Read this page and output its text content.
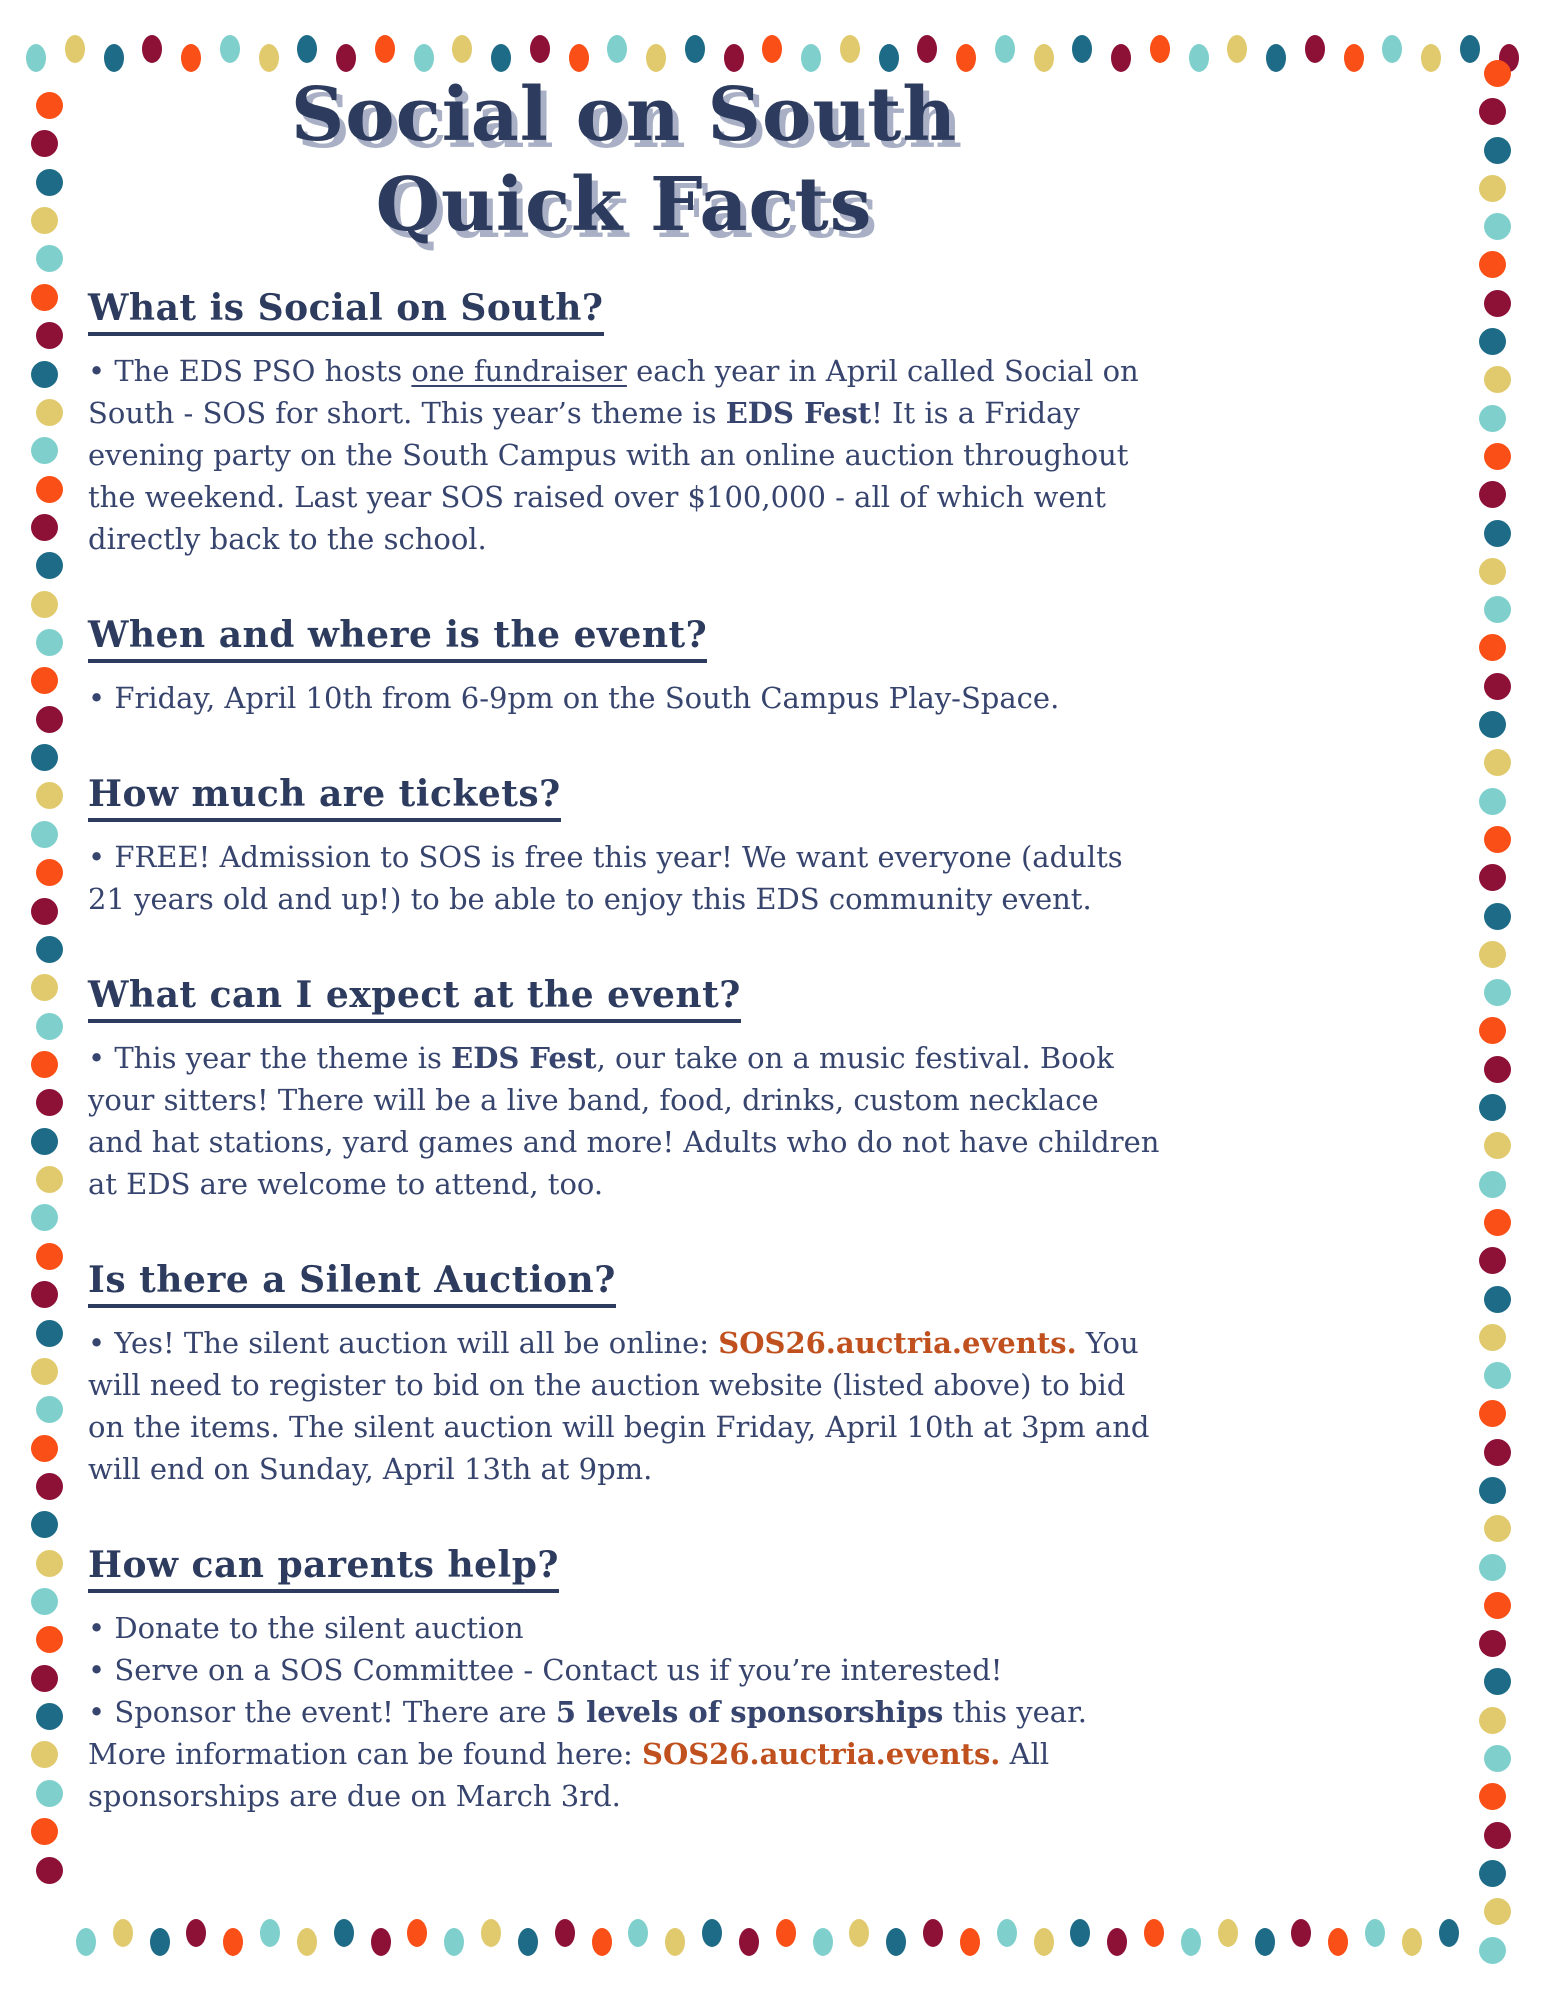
Social on South
Quick Facts
What is Social on South?

• The EDS PSO hosts one fundraiser each year in April called Social on South - SOS for short. This year’s theme is EDS Fest! It is a Friday evening party on the South Campus with an online auction throughout the weekend. Last year SOS raised over $100,000 - all of which went directly back to the school.

When and where is the event?

• Friday, April 10th from 6-9pm on the South Campus Play-Space.

How much are tickets?

• FREE! Admission to SOS is free this year! We want everyone (adults 21 years old and up!) to be able to enjoy this EDS community event.

What can I expect at the event?

• This year the theme is EDS Fest, our take on a music festival. Book your sitters! There will be a live band, food, drinks, custom necklace and hat stations, yard games and more! Adults who do not have children at EDS are welcome to attend, too.

Is there a Silent Auction?

• Yes! The silent auction will all be online: SOS26.auctria.events. You will need to register to bid on the auction website (listed above) to bid on the items. The silent auction will begin Friday, April 10th at 3pm and will end on Sunday, April 13th at 9pm.

How can parents help?

• Donate to the silent auction

• Serve on a SOS Committee - Contact us if you’re interested!

• Sponsor the event! There are 5 levels of sponsorships this year. More information can be found here: SOS26.auctria.events. All sponsorships are due on March 3rd.
